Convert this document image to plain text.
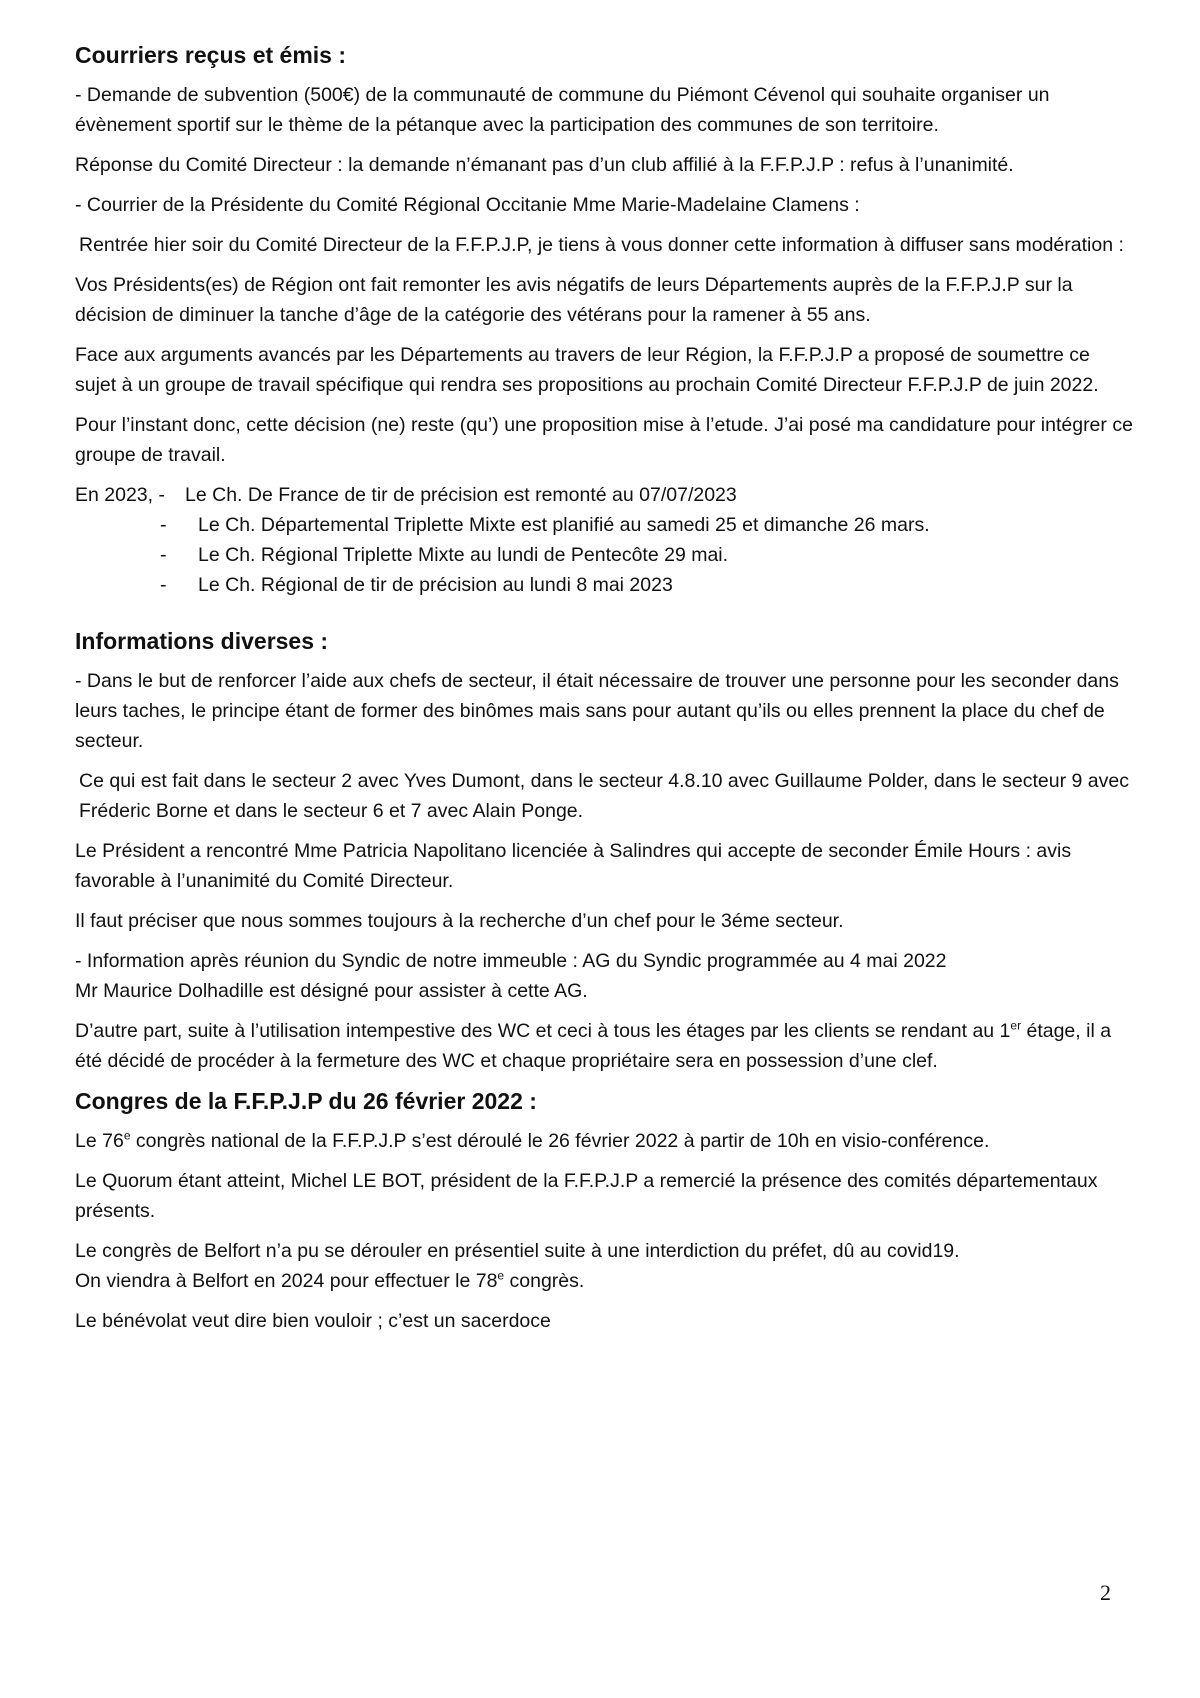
Courriers reçus et émis :

- Demande de subvention (500€) de la communauté de commune du Piémont Cévenol qui souhaite organiser un évènement sportif sur le thème de la pétanque avec la participation des communes de son territoire.

Réponse du Comité Directeur : la demande n’émanant pas d’un club affilié à la F.F.P.J.P : refus à l’unanimité.

- Courrier de la Présidente du Comité Régional Occitanie Mme Marie-Madelaine Clamens :

Rentrée hier soir du Comité Directeur de la F.F.P.J.P, je tiens à vous donner cette information à diffuser sans modération :

Vos Présidents(es) de Région ont fait remonter les avis négatifs de leurs Départements auprès de la F.F.P.J.P sur la décision de diminuer la tanche d’âge de la catégorie des vétérans pour la ramener à 55 ans.

Face aux arguments avancés par les Départements au travers de leur Région, la F.F.P.J.P a proposé de soumettre ce sujet à un groupe de travail spécifique qui rendra ses propositions au prochain Comité Directeur F.F.P.J.P de juin 2022.

Pour l’instant donc, cette décision (ne) reste (qu’) une proposition mise à l’etude. J’ai posé ma candidature pour intégrer ce groupe de travail.

En 2023, - Le Ch. De France de tir de précision est remonté au 07/07/2023
- Le Ch. Départemental Triplette Mixte est planifié au samedi 25 et dimanche 26 mars.
- Le Ch. Régional Triplette Mixte au lundi de Pentecôte 29 mai.
- Le Ch. Régional de tir de précision au lundi 8 mai 2023
Informations diverses :

- Dans le but de renforcer l’aide aux chefs de secteur, il était nécessaire de trouver une personne pour les seconder dans leurs taches, le principe étant de former des binômes mais sans pour autant qu’ils ou elles prennent la place du chef de secteur.

Ce qui est fait dans le secteur 2 avec Yves Dumont, dans le secteur 4.8.10 avec Guillaume Polder, dans le secteur 9 avec Fréderic Borne et dans le secteur 6 et 7 avec Alain Ponge.

Le Président a rencontré Mme Patricia Napolitano licenciée à Salindres qui accepte de seconder Émile Hours : avis favorable à l’unanimité du Comité Directeur.

Il faut préciser que nous sommes toujours à la recherche d’un chef pour le 3éme secteur.

- Information après réunion du Syndic de notre immeuble : AG du Syndic programmée au 4 mai 2022
Mr Maurice Dolhadille est désigné pour assister à cette AG.

D’autre part, suite à l’utilisation intempestive des WC et ceci à tous les étages par les clients se rendant au 1er étage, il a été décidé de procéder à la fermeture des WC et chaque propriétaire sera en possession d’une clef.

Congres de la F.F.P.J.P du 26 février 2022 :

Le 76e congrès national de la F.F.P.J.P s’est déroulé le 26 février 2022 à partir de 10h en visio-conférence.

Le Quorum étant atteint, Michel LE BOT, président de la F.F.P.J.P a remercié la présence des comités départementaux présents.

Le congrès de Belfort n’a pu se dérouler en présentiel suite à une interdiction du préfet, dû au covid19.
On viendra à Belfort en 2024 pour effectuer le 78e congrès.

Le bénévolat veut dire bien vouloir ; c’est un sacerdoce

2
